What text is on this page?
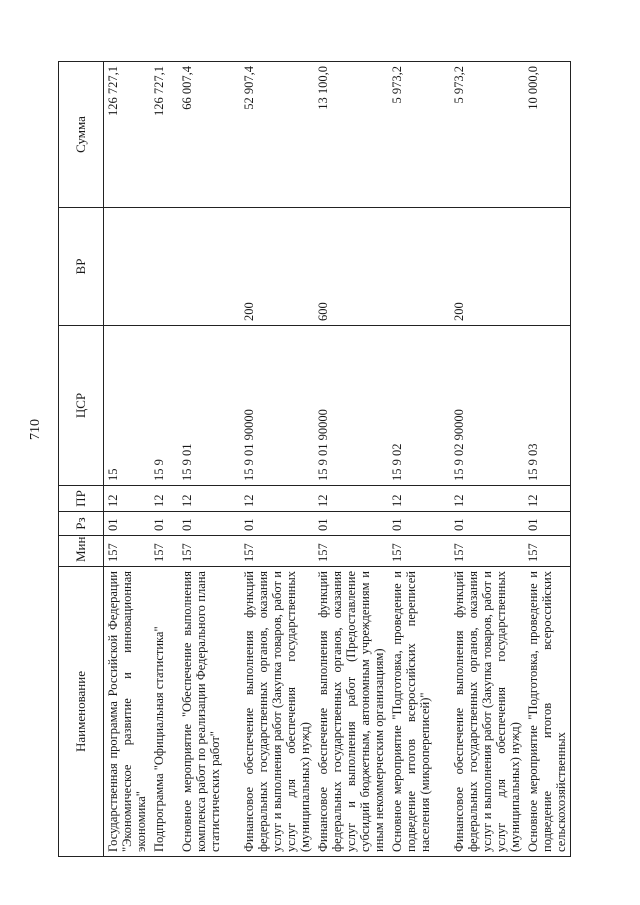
710
Наименование	Мин	Рз	ПР	ЦСР	ВР	Сумма
Государственная программа Российской Федерации "Экономическое развитие и инновационная экономика"	157	01	12	15		126 727,1
Подпрограмма "Официальная статистика"	157	01	12	15 9		126 727,1
Основное мероприятие "Обеспечение выполнения комплекса работ по реализации Федерального плана статистических работ"	157	01	12	15 9 01		66 007,4
Финансовое обеспечение выполнения функций федеральных государственных органов, оказания услуг и выполнения работ (Закупка товаров, работ и услуг для обеспечения государственных (муниципальных) нужд)	157	01	12	15 9 01 90000	200	52 907,4
Финансовое обеспечение выполнения функций федеральных государственных органов, оказания услуг и выполнения работ (Предоставление субсидий бюджетным, автономным учреждениям и иным некоммерческим организациям)	157	01	12	15 9 01 90000	600	13 100,0
Основное мероприятие "Подготовка, проведение и подведение итогов всероссийских переписей населения (микропереписей)"	157	01	12	15 9 02		5 973,2
Финансовое обеспечение выполнения функций федеральных государственных органов, оказания услуг и выполнения работ (Закупка товаров, работ и услуг для обеспечения государственных (муниципальных) нужд)	157	01	12	15 9 02 90000	200	5 973,2
Основное мероприятие "Подготовка, проведение и подведение итогов всероссийских сельскохозяйственных	157	01	12	15 9 03		10 000,0
